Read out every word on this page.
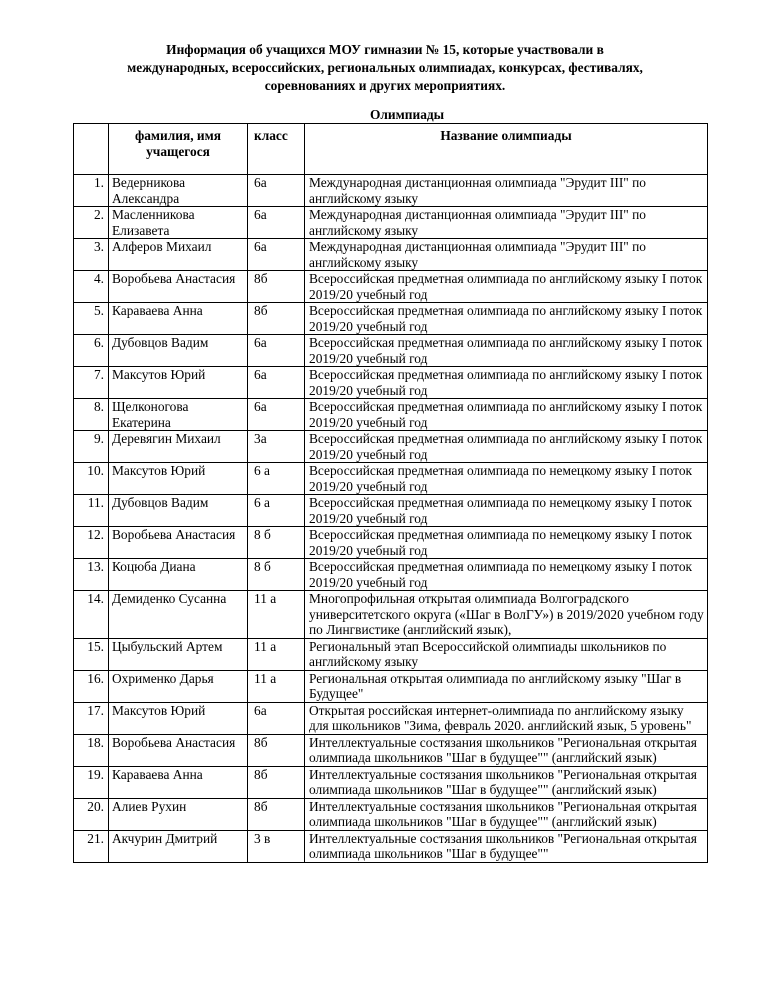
Информация об учащихся МОУ гимназии № 15, которые участвовали в
международных, всероссийских, региональных олимпиадах, конкурсах, фестивалях,
соревнованиях и других мероприятиях.
Олимпиады
	фамилия, имя учащегося	класс	Название олимпиады
1.	Ведерникова Александра	6а	Международная дистанционная олимпиада "Эрудит III" по английскому языку
2.	Масленникова Елизавета	6а	Международная дистанционная олимпиада "Эрудит III" по английскому языку
3.	Алферов Михаил	6а	Международная дистанционная олимпиада "Эрудит III" по английскому языку
4.	Воробьева Анастасия	8б	Всероссийская предметная олимпиада по английскому языку I поток 2019/20 учебный год
5.	Караваева Анна	8б	Всероссийская предметная олимпиада по английскому языку I поток 2019/20 учебный год
6.	Дубовцов Вадим	6а	Всероссийская предметная олимпиада по английскому языку I поток 2019/20 учебный год
7.	Максутов Юрий	6а	Всероссийская предметная олимпиада по английскому языку I поток 2019/20 учебный год
8.	Щелконогова Екатерина	6а	Всероссийская предметная олимпиада по английскому языку I поток 2019/20 учебный год
9.	Деревягин Михаил	3а	Всероссийская предметная олимпиада по английскому языку I поток 2019/20 учебный год
10.	Максутов Юрий	6 а	Всероссийская предметная олимпиада по немецкому языку I поток 2019/20 учебный год
11.	Дубовцов Вадим	6 а	Всероссийская предметная олимпиада по немецкому языку I поток 2019/20 учебный год
12.	Воробьева Анастасия	8 б	Всероссийская предметная олимпиада по немецкому языку I поток 2019/20 учебный год
13.	Коцюба Диана	8 б	Всероссийская предметная олимпиада по немецкому языку I поток 2019/20 учебный год
14.	Демиденко Сусанна	11 а	Многопрофильная открытая олимпиада Волгоградского университетского округа («Шаг в ВолГУ») в 2019/2020 учебном году по Лингвистике (английский язык),
15.	Цыбульский Артем	11 а	Региональный этап Всероссийской олимпиады школьников по английскому языку
16.	Охрименко Дарья	11 а	Региональная открытая олимпиада по английскому языку "Шаг в Будущее"
17.	Максутов Юрий	6а	Открытая российская интернет-олимпиада по английскому языку для школьников "Зима, февраль 2020. английский язык, 5 уровень"
18.	Воробьева Анастасия	8б	Интеллектуальные состязания школьников "Региональная открытая олимпиада школьников "Шаг в будущее"" (английский язык)
19.	Караваева Анна	8б	Интеллектуальные состязания школьников "Региональная открытая олимпиада школьников "Шаг в будущее"" (английский язык)
20.	Алиев Рухин	8б	Интеллектуальные состязания школьников "Региональная открытая олимпиада школьников "Шаг в будущее"" (английский язык)
21.	Акчурин Дмитрий	3 в	Интеллектуальные состязания школьников "Региональная открытая олимпиада школьников "Шаг в будущее""
